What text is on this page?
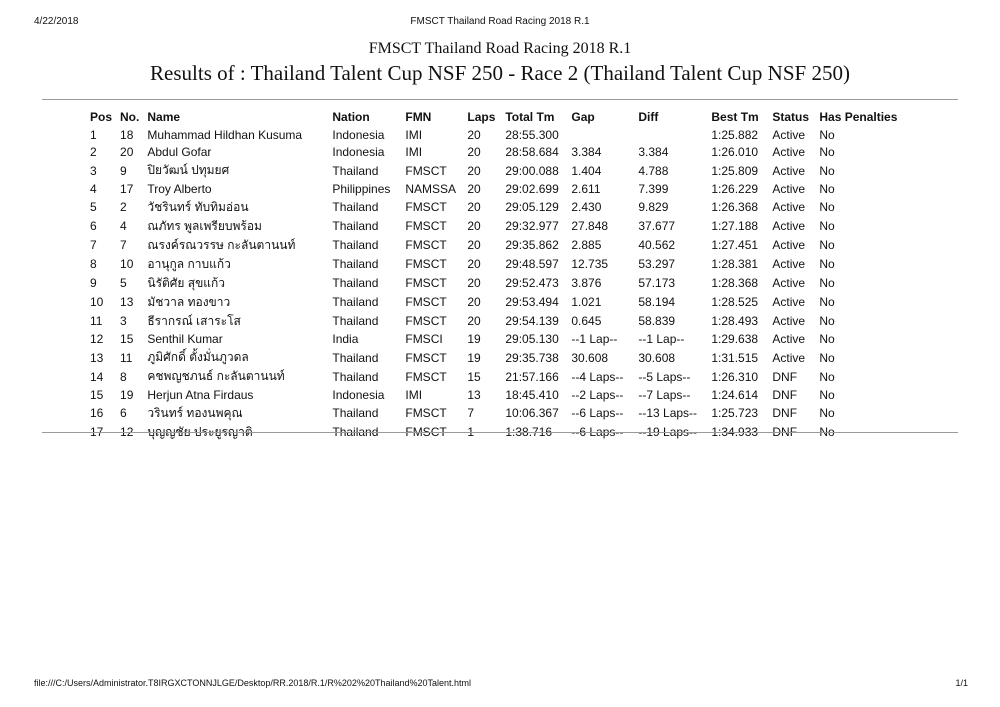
4/22/2018	FMSCT Thailand Road Racing 2018 R.1
FMSCT Thailand Road Racing 2018 R.1
Results of : Thailand Talent Cup NSF 250 - Race 2 (Thailand Talent Cup NSF 250)
Pos	No.	Name	Nation	FMN	Laps	Total Tm	Gap	Diff	Best Tm	Status	Has Penalties
1	18	Muhammad Hildhan Kusuma	Indonesia	IMI	20	28:55.300			1:25.882	Active	No
2	20	Abdul Gofar	Indonesia	IMI	20	28:58.684	3.384	3.384	1:26.010	Active	No
3	9	ปิยวัฒน์ ปทุมยศ	Thailand	FMSCT	20	29:00.088	1.404	4.788	1:25.809	Active	No
4	17	Troy Alberto	Philippines	NAMSSA	20	29:02.699	2.611	7.399	1:26.229	Active	No
5	2	วัชรินทร์ ทับทิมอ่อน	Thailand	FMSCT	20	29:05.129	2.430	9.829	1:26.368	Active	No
6	4	ณภัทร พูลเพรียบพร้อม	Thailand	FMSCT	20	29:32.977	27.848	37.677	1:27.188	Active	No
7	7	ณรงค์รณวรรษ กะลันตานนท์	Thailand	FMSCT	20	29:35.862	2.885	40.562	1:27.451	Active	No
8	10	อานุกูล กาบแก้ว	Thailand	FMSCT	20	29:48.597	12.735	53.297	1:28.381	Active	No
9	5	นิรัติศัย สุขแก้ว	Thailand	FMSCT	20	29:52.473	3.876	57.173	1:28.368	Active	No
10	13	มัชวาล ทองขาว	Thailand	FMSCT	20	29:53.494	1.021	58.194	1:28.525	Active	No
11	3	ธีรากรณ์ เสาระโส	Thailand	FMSCT	20	29:54.139	0.645	58.839	1:28.493	Active	No
12	15	Senthil Kumar	India	FMSCI	19	29:05.130	--1 Lap--	--1 Lap--	1:29.638	Active	No
13	11	ภูมิศักดิ์ ตั้งมั่นภูวดล	Thailand	FMSCT	19	29:35.738	30.608	30.608	1:31.515	Active	No
14	8	คชพญชภนธ์ กะลันตานนท์	Thailand	FMSCT	15	21:57.166	--4 Laps--	--5 Laps--	1:26.310	DNF	No
15	19	Herjun Atna Firdaus	Indonesia	IMI	13	18:45.410	--2 Laps--	--7 Laps--	1:24.614	DNF	No
16	6	วรินทร์ ทองนพคุณ	Thailand	FMSCT	7	10:06.367	--6 Laps--	--13 Laps--	1:25.723	DNF	No
17	12	บุญญชัย ประยูรญาติ	Thailand	FMSCT	1	1:38.716	--6 Laps--	--19 Laps--	1:34.933	DNF	No
file:///C:/Users/Administrator.T8IRGXCTONNJLGE/Desktop/RR.2018/R.1/R%202%20Thailand%20Talent.html	1/1
